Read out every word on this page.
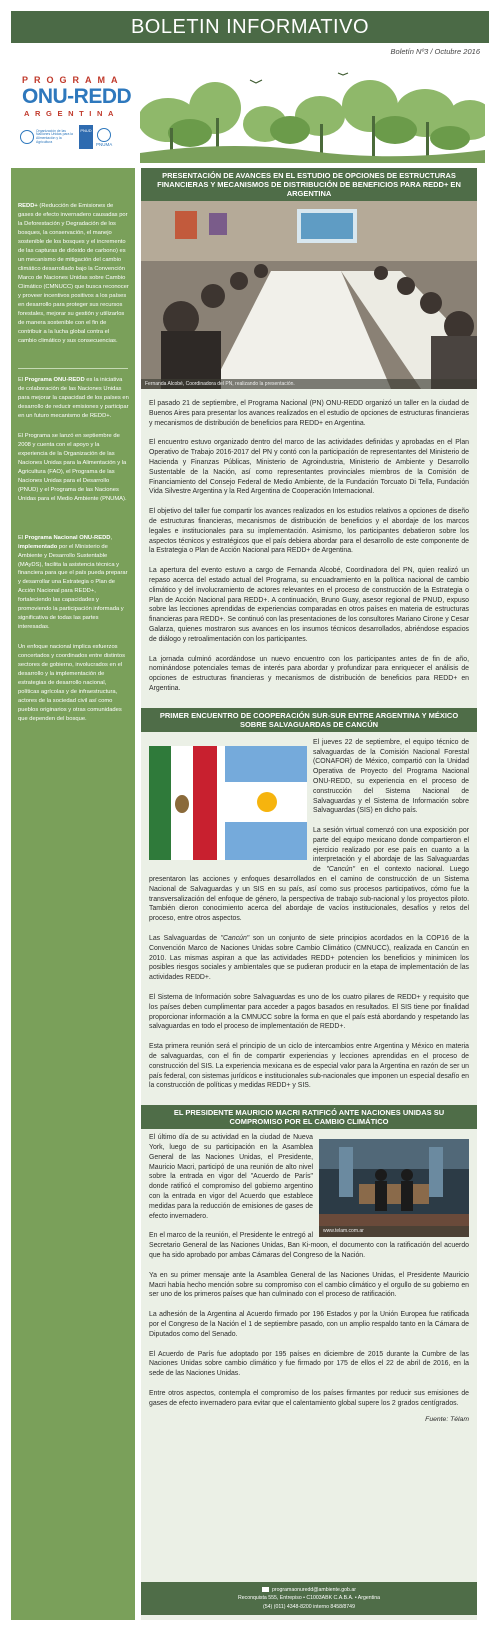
BOLETIN INFORMATIVO
Boletín Nº3 / Octubre 2016
PROGRAMA
ONU-REDD
ARGENTINA
Organización de las Naciones Unidas para la Alimentación y la Agricultura
PNUD
PNUMA

REDD+ (Reducción de Emisiones de gases de efecto invernadero causadas por la Deforestación y Degradación de los bosques, la conservación, el manejo sostenible de los bosques y el incremento de las capturas de dióxido de carbono) es un mecanismo de mitigación del cambio climático desarrollado bajo la Convención Marco de Naciones Unidas sobre Cambio Climático (CMNUCC) que busca reconocer y proveer incentivos positivos a los países en desarrollo para proteger sus recursos forestales, mejorar su gestión y utilizarlos de manera sostenible con el fin de contribuir a la lucha global contra el cambio climático y sus consecuencias.

El Programa ONU-REDD es la iniciativa de colaboración de las Naciones Unidas para mejorar la capacidad de los países en desarrollo de reducir emisiones y participar en un futuro mecanismo de REDD+.

El Programa se lanzó en septiembre de 2008 y cuenta con el apoyo y la experiencia de la Organización de las Naciones Unidas para la Alimentación y la Agricultura (FAO), el Programa de las Naciones Unidas para el Desarrollo (PNUD) y el Programa de las Naciones Unidas para el Medio Ambiente (PNUMA).

El Programa Nacional ONU-REDD, implementado por el Ministerio de Ambiente y Desarrollo Sustentable (MAyDS), facilita la asistencia técnica y financiera para que el país pueda preparar y desarrollar una Estrategia o Plan de Acción Nacional para REDD+, fortaleciendo las capacidades y promoviendo la participación informada y significativa de todas las partes interesadas.

Un enfoque nacional implica esfuerzos concertados y coordinados entre distintos sectores de gobierno, involucrados en el desarrollo y la implementación de estrategias de desarrollo nacional, políticas agrícolas y de infraestructura, actores de la sociedad civil así como pueblos originarios y otras comunidades que dependen del bosque.

PRESENTACIÓN DE AVANCES EN EL ESTUDIO DE OPCIONES DE ESTRUCTURAS FINANCIERAS Y MECANISMOS DE DISTRIBUCIÓN DE BENEFICIOS PARA REDD+ EN ARGENTINA
Fernanda Alcobé, Coordinadora del PN, realizando la presentación.

El pasado 21 de septiembre, el Programa Nacional (PN) ONU-REDD organizó un taller en la ciudad de Buenos Aires para presentar los avances realizados en el estudio de opciones de estructuras financieras y mecanismos de distribución de beneficios para REDD+ en Argentina.

El encuentro estuvo organizado dentro del marco de las actividades definidas y aprobadas en el Plan Operativo de Trabajo 2016-2017 del PN y contó con la participación de representantes del Ministerio de Hacienda y Finanzas Públicas, Ministerio de Agroindustria, Ministerio de Ambiente y Desarrollo Sustentable de la Nación, así como representantes provinciales miembros de la Comisión de Financiamiento del Consejo Federal de Medio Ambiente, de la Fundación Torcuato Di Tella, Fundación Vida Silvestre Argentina y la Red Argentina de Cooperación Internacional.

El objetivo del taller fue compartir los avances realizados en los estudios relativos a opciones de diseño de estructuras financieras, mecanismos de distribución de beneficios y el abordaje de los marcos legales e institucionales para su implementación. Asimismo, los participantes debatieron sobre los aspectos técnicos y estratégicos que el país debiera abordar para el desarrollo de este componente de la Estrategia o Plan de Acción Nacional para REDD+ de Argentina.

La apertura del evento estuvo a cargo de Fernanda Alcobé, Coordinadora del PN, quien realizó un repaso acerca del estado actual del Programa, su encuadramiento en la política nacional de cambio climático y del involucramiento de actores relevantes en el proceso de construcción de la Estrategia o Plan de Acción Nacional para REDD+. A continuación, Bruno Guay, asesor regional de PNUD, expuso sobre las lecciones aprendidas de experiencias comparadas en otros países en materia de estructuras financieras para REDD+. Se continuó con las presentaciones de los consultores Mariano Cirone y Cesar Galarza, quienes mostraron sus avances en los insumos técnicos desarrollados, abriéndose espacios de diálogo y retroalimentación con los participantes.

La jornada culminó acordándose un nuevo encuentro con los participantes antes de fin de año, nominándose potenciales temas de interés para abordar y profundizar para enriquecer el análisis de opciones de estructuras financieras y mecanismos de distribución de beneficios para REDD+ en Argentina.

PRIMER ENCUENTRO DE COOPERACIÓN SUR-SUR ENTRE ARGENTINA Y MÉXICO SOBRE SALVAGUARDAS DE CANCÚN

El jueves 22 de septiembre, el equipo técnico de salvaguardas de la Comisión Nacional Forestal (CONAFOR) de México, compartió con la Unidad Operativa de Proyecto del Programa Nacional ONU-REDD, su experiencia en el proceso de construcción del Sistema Nacional de Salvaguardas y el Sistema de Información sobre Salvaguardas (SIS) en dicho país.

La sesión virtual comenzó con una exposición por parte del equipo mexicano donde compartieron el ejercicio realizado por ese país en cuanto a la interpretación y el abordaje de las Salvaguardas de "Cancún" en el contexto nacional. Luego presentaron las acciones y enfoques desarrollados en el camino de construcción de un Sistema Nacional de Salvaguardas y un SIS en su país, así como sus procesos participativos, cómo fue la transversalización del enfoque de género, la perspectiva de trabajo sub-nacional y los proyectos piloto. También dieron conocimiento acerca del abordaje de vacíos institucionales, desafíos y retos del proceso, entre otros aspectos.

Las Salvaguardas de "Cancún" son un conjunto de siete principios acordados en la COP16 de la Convención Marco de Naciones Unidas sobre Cambio Climático (CMNUCC), realizada en Cancún en 2010. Las mismas aspiran a que las actividades REDD+ potencien los beneficios y minimicen los posibles riesgos sociales y ambientales que se pudieran producir en la etapa de implementación de las actividades REDD+.

El Sistema de Información sobre Salvaguardas es uno de los cuatro pilares de REDD+ y requisito que los países deben cumplimentar para acceder a pagos basados en resultados. El SIS tiene por finalidad proporcionar información a la CMNUCC sobre la forma en que el país está abordando y respetando las salvaguardas en todo el proceso de implementación de REDD+.

Esta primera reunión será el principio de un ciclo de intercambios entre Argentina y México en materia de salvaguardas, con el fin de compartir experiencias y lecciones aprendidas en el proceso de construcción del SIS. La experiencia mexicana es de especial valor para la Argentina en razón de ser un país federal, con sistemas jurídicos e institucionales sub-nacionales que imponen un especial desafío en la construcción de políticas y medidas REDD+ y SIS.

EL PRESIDENTE MAURICIO MACRI RATIFICÓ ANTE NACIONES UNIDAS SU COMPROMISO POR EL CAMBIO CLIMÁTICO
www.telam.com.ar

El último día de su actividad en la ciudad de Nueva York, luego de su participación en la Asamblea General de las Naciones Unidas, el Presidente, Mauricio Macri, participó de una reunión de alto nivel sobre la entrada en vigor del "Acuerdo de París" donde ratificó el compromiso del gobierno argentino con la entrada en vigor del Acuerdo que establece medidas para la reducción de emisiones de gases de efecto invernadero.

En el marco de la reunión, el Presidente le entregó al Secretario General de las Naciones Unidas, Ban Ki-moon, el documento con la ratificación del acuerdo que ha sido aprobado por ambas Cámaras del Congreso de la Nación.

Ya en su primer mensaje ante la Asamblea General de las Naciones Unidas, el Presidente Mauricio Macri había hecho mención sobre su compromiso con el cambio climático y el orgullo de su gobierno en ser uno de los primeros países que han culminado con el proceso de ratificación.

La adhesión de la Argentina al Acuerdo firmado por 196 Estados y por la Unión Europea fue ratificada por el Congreso de la Nación el 1 de septiembre pasado, con un amplio respaldo tanto en la Cámara de Diputados como del Senado.

El Acuerdo de París fue adoptado por 195 países en diciembre de 2015 durante la Cumbre de las Naciones Unidas sobre cambio climático y fue firmado por 175 de ellos el 22 de abril de 2016, en la sede de las Naciones Unidas.

Entre otros aspectos, contempla el compromiso de los países firmantes por reducir sus emisiones de gases de efecto invernadero para evitar que el calentamiento global supere los 2 grados centígrados.

Fuente: Télam
programaonuredd@ambiente.gob.ar
Reconquista 555, Entrepiso • C1003ABK C.A.B.A. • Argentina
(54) (011) 4348-8200 interno 8458/8749
